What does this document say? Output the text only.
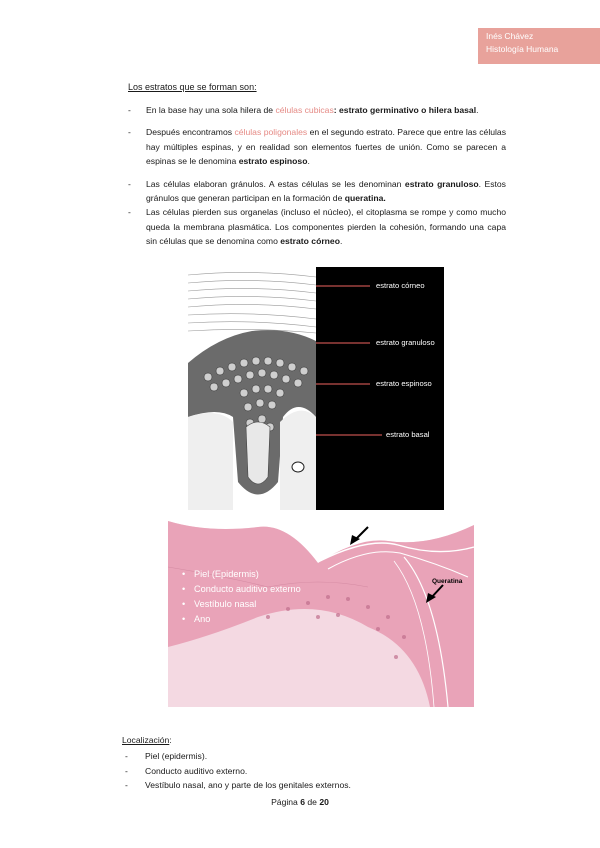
Inés Chávez
Histología Humana
Los estratos que se forman son:
-	En la base hay una sola hilera de células cubicas: estrato germinativo o hilera basal.
-	Después encontramos células poligonales en el segundo estrato. Parece que entre las células hay múltiples espinas, y en realidad son elementos fuertes de unión. Como se parecen a espinas se le denomina estrato espinoso.
-	Las células elaboran gránulos. A estas células se les denominan estrato granuloso. Estos gránulos que generan participan en la formación de queratina.
-	Las células pierden sus organelas (incluso el núcleo), el citoplasma se rompe y como mucho queda la membrana plasmática. Los componentes pierden la cohesión, formando una capa sin células que se denomina como estrato córneo.
estrato córneo
estrato granuloso
estrato espinoso
estrato basal
Queratina
• Piel (Epidermis)
• Conducto auditivo externo
• Vestíbulo nasal
• Ano
Localización:
-	Piel (epidermis).
-	Conducto auditivo externo.
-	Vestíbulo nasal, ano y parte de los genitales externos.
Página 6 de 20
